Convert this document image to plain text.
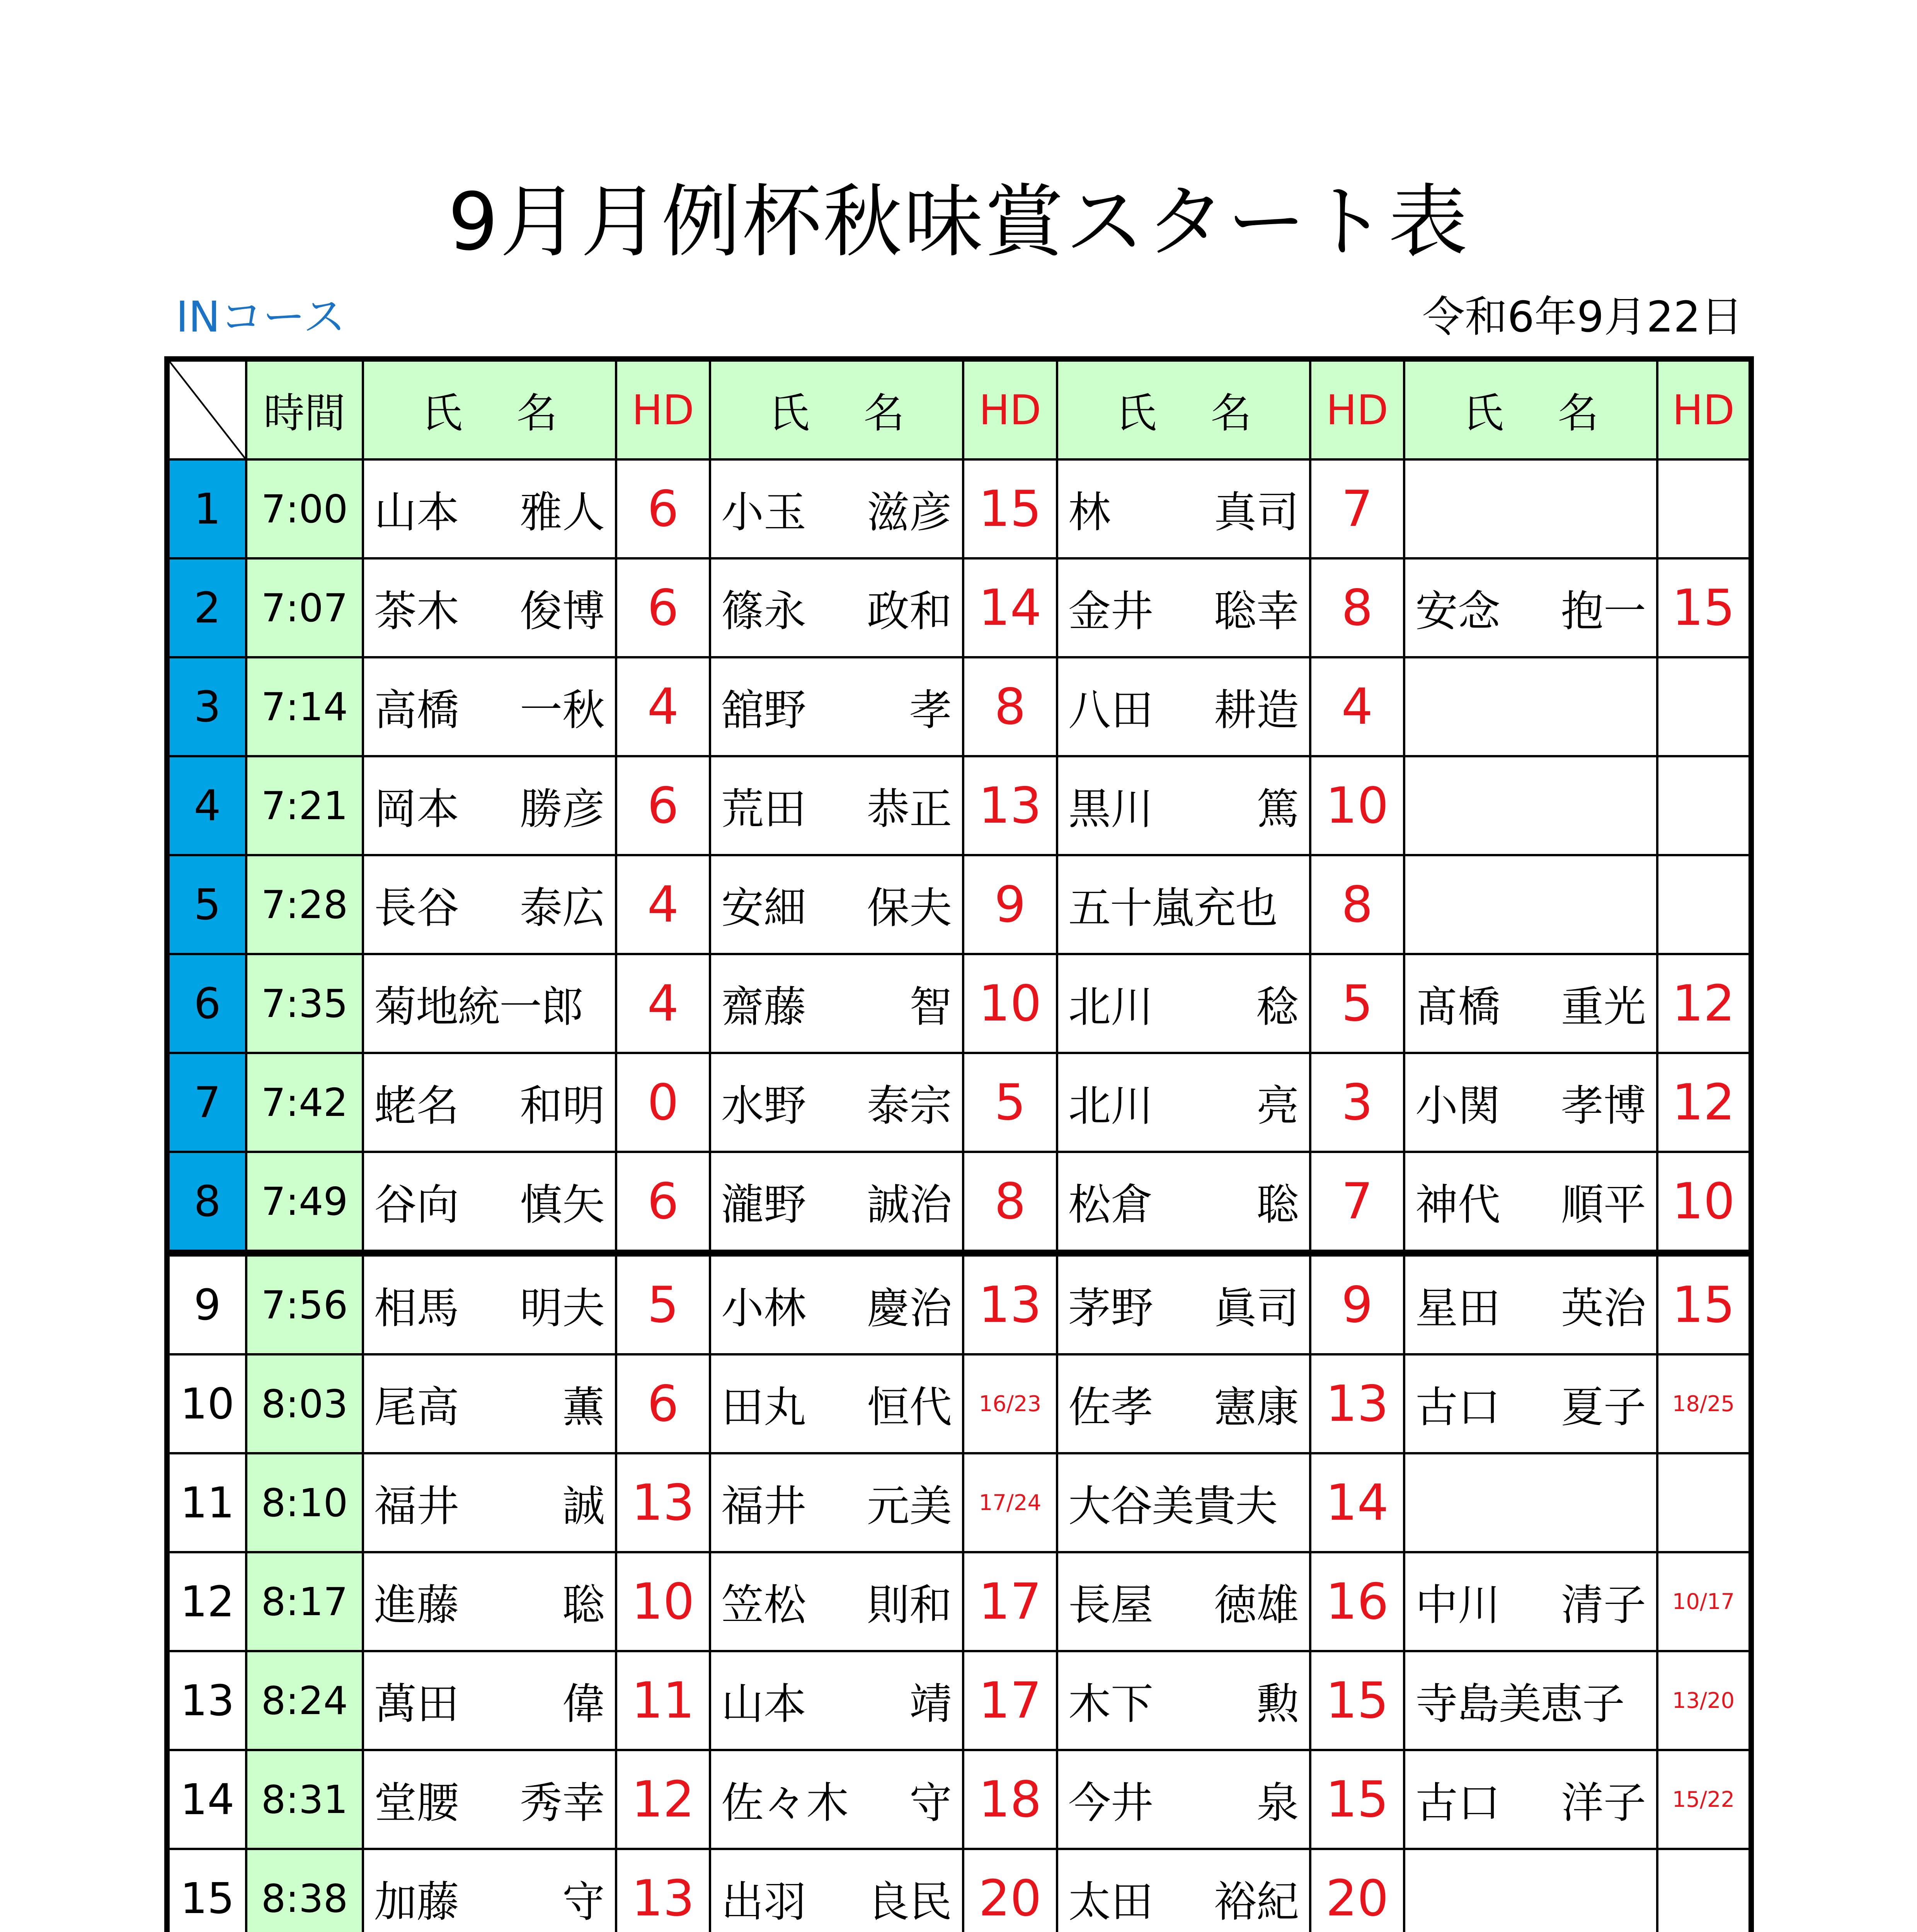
9月月例杯秋味賞スタート表
INコース	令和6年9月22日
	時間	氏 名	HD	氏 名	HD	氏 名	HD	氏 名	HD
1	7:00	山本 雅人	6	小玉 滋彦	15	林 真司	7	

2	7:07	茶木 俊博	6	篠永 政和	14	金井 聡幸	8	安念 抱一	15
3	7:14	高橋 一秋	4	舘野 孝	8	八田 耕造	4	

4	7:21	岡本 勝彦	6	荒田 恭正	13	黒川 篤	10	

5	7:28	長谷 泰広	4	安細 保夫	9	五十嵐充也	8	

6	7:35	菊地統一郎	4	齋藤 智	10	北川 稔	5	髙橋 重光	12
7	7:42	蛯名 和明	0	水野 泰宗	5	北川 亮	3	小関 孝博	12
8	7:49	谷向 慎矢	6	瀧野 誠治	8	松倉 聡	7	神代 順平	10
9	7:56	相馬 明夫	5	小林 慶治	13	茅野 眞司	9	星田 英治	15
10	8:03	尾高 薫	6	田丸 恒代	16/23	佐孝 憲康	13	古口 夏子	18/25
11	8:10	福井 誠	13	福井 元美	17/24	大谷美貴夫	14	

12	8:17	進藤 聡	10	笠松 則和	17	長屋 徳雄	16	中川 清子	10/17
13	8:24	萬田 偉	11	山本 靖	17	木下 勲	15	寺島美恵子	13/20
14	8:31	堂腰 秀幸	12	佐々木 守	18	今井 泉	15	古口 洋子	15/22
15	8:38	加藤 守	13	出羽 良民	20	太田 裕紀	20	
